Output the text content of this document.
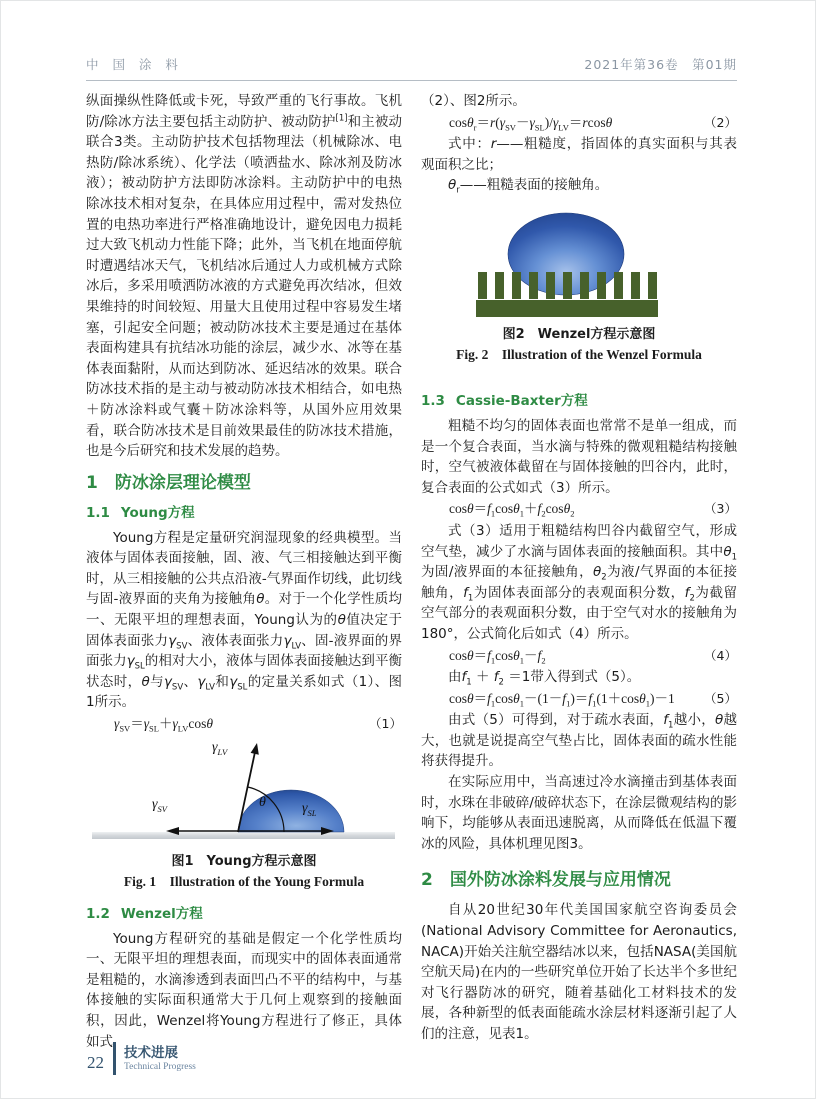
中 国 涂 料	2021年第36卷　第01期

纵面操纵性降低或卡死，导致严重的飞行事故。飞机防/除冰方法主要包括主动防护、被动防护[1]和主被动联合3类。主动防护技术包括物理法（机械除冰、电热防/除冰系统）、化学法（喷洒盐水、除冰剂及防冰液）；被动防护方法即防冰涂料。主动防护中的电热除冰技术相对复杂，在具体应用过程中，需对发热位置的电热功率进行严格准确地设计，避免因电力损耗过大致飞机动力性能下降；此外，当飞机在地面停航时遭遇结冰天气，飞机结冰后通过人力或机械方式除冰后，多采用喷洒防冰液的方式避免再次结冰，但效果维持的时间较短、用量大且使用过程中容易发生堵塞，引起安全问题；被动防冰技术主要是通过在基体表面构建具有抗结冰功能的涂层，减少水、冰等在基体表面黏附，从而达到防冰、延迟结冰的效果。联合防冰技术指的是主动与被动防冰技术相结合，如电热＋防冰涂料或气囊＋防冰涂料等，从国外应用效果看，联合防冰技术是目前效果最佳的防冰技术措施，也是今后研究和技术发展的趋势。

1 防冰涂层理论模型
1.1 Young方程

Young方程是定量研究润湿现象的经典模型。当液体与固体表面接触，固、液、气三相接触达到平衡时，从三相接触的公共点沿液-气界面作切线，此切线与固-液界面的夹角为接触角θ。对于一个化学性质均一、无限平坦的理想表面，Young认为的θ值决定于固体表面张力$\gamma_{SV}$、液体表面张力$\gamma_{LV}$、固-液界面的界面张力$\gamma_{SL}$的相对大小，液体与固体表面接触达到平衡状态时，θ与$\gamma_{SV}$、$\gamma_{LV}$和$\gamma_{SL}$的定量关系如式（1）、图1所示。

$\gamma_{SV}=\gamma_{SL}+\gamma_{LV}\cos\theta$	（1）
$\gamma_{LV}$
$\gamma_{SV}$	θ	$\gamma_{SL}$
图1　Young方程示意图
Fig. 1　Illustration of the Young Formula
1.2 Wenzel方程

Young方程研究的基础是假定一个化学性质均一、无限平坦的理想表面，而现实中的固体表面通常是粗糙的，水滴渗透到表面凹凸不平的结构中，与基体接触的实际面积通常大于几何上观察到的接触面积，因此，Wenzel将Young方程进行了修正，具体如式

（2）、图2所示。

$\cos\theta_r=r(\gamma_{SV}-\gamma_{SL})/\gamma_{LV}=rcos\theta$	（2）

式中：r——粗糙度，指固体的真实面积与其表观面积之比；

$\theta_r——$粗糙表面的接触角。

图2　Wenzel方程示意图
Fig. 2　Illustration of the Wenzel Formula
1.3 Cassie-Baxter方程

粗糙不均匀的固体表面也常常不是单一组成，而是一个复合表面，当水滴与特殊的微观粗糙结构接触时，空气被液体截留在与固体接触的凹谷内，此时，复合表面的公式如式（3）所示。

$\cos\theta=f_1\cos\theta_1+f_2\cos\theta_2$	（3）

式（3）适用于粗糙结构凹谷内截留空气，形成空气垫，减少了水滴与固体表面的接触面积。其中$\theta_1$为固/液界面的本征接触角，$\theta_2$为液/气界面的本征接触角，$f_1$为固体表面部分的表观面积分数，$f_2$为截留空气部分的表观面积分数，由于空气对水的接触角为180°，公式简化后如式（4）所示。

$\cos\theta=f_1\cos\theta_1-f_2$	（4）

由$f_1 + f_2 =1$带入得到式（5）。

$\cos\theta=f_1\cos\theta_1-(1-f_1)=f_1(1+\cos\theta_1)-1$ （5）

由式（5）可得到，对于疏水表面，$f_1$越小，θ越大，也就是说提高空气垫占比，固体表面的疏水性能将获得提升。

在实际应用中，当高速过冷水滴撞击到基体表面时，水珠在非破碎/破碎状态下，在涂层微观结构的影响下，均能够从表面迅速脱离，从而降低在低温下覆冰的风险，具体机理见图3。

2 国外防冰涂料发展与应用情况

自从20世纪30年代美国国家航空咨询委员会(National Advisory Committee for Aeronautics, NACA)开始关注航空器结冰以来，包括NASA(美国航空航天局)在内的一些研究单位开始了长达半个多世纪对飞行器防冰的研究，随着基础化工材料技术的发展，各种新型的低表面能疏水涂层材料逐渐引起了人们的注意，见表1。

22 技术进展
Technical Progress
